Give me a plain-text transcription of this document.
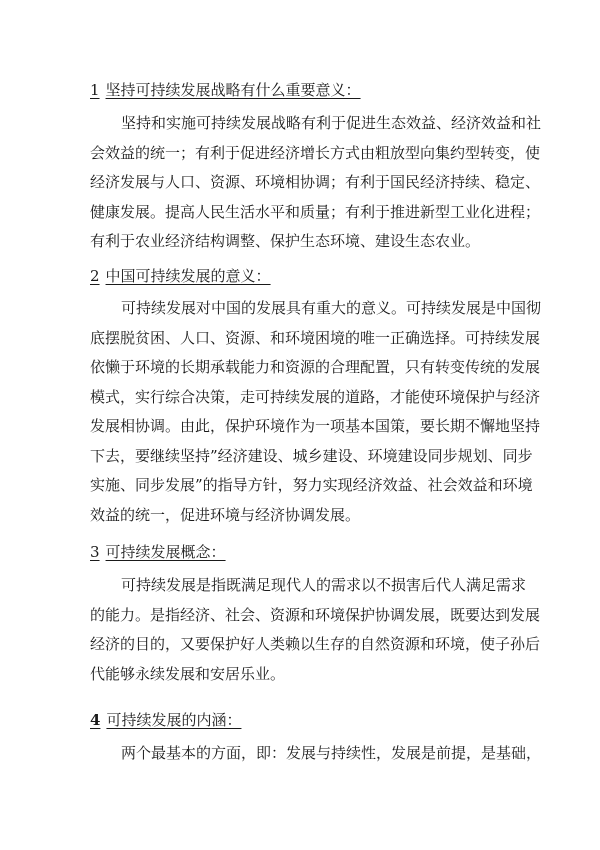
1 坚持可持续发展战略有什么重要意义：
坚持和实施可持续发展战略有利于促进生态效益、经济效益和社
会效益的统一；有利于促进经济增长方式由粗放型向集约型转变，使
经济发展与人口、资源、环境相协调；有利于国民经济持续、稳定、
健康发展。提高人民生活水平和质量；有利于推进新型工业化进程；
有利于农业经济结构调整、保护生态环境、建设生态农业。
2 中国可持续发展的意义：
可持续发展对中国的发展具有重大的意义。可持续发展是中国彻
底摆脱贫困、人口、资源、和环境困境的唯一正确选择。可持续发展
依懒于环境的长期承载能力和资源的合理配置，只有转变传统的发展
模式，实行综合决策，走可持续发展的道路，才能使环境保护与经济
发展相协调。由此，保护环境作为一项基本国策，要长期不懈地坚持
下去，要继续坚持”经济建设、城乡建设、环境建设同步规划、同步
实施、同步发展”的指导方针，努力实现经济效益、社会效益和环境
效益的统一，促进环境与经济协调发展。
3 可持续发展概念：
可持续发展是指既满足现代人的需求以不损害后代人满足需求
的能力。是指经济、社会、资源和环境保护协调发展，既要达到发展
经济的目的，又要保护好人类赖以生存的自然资源和环境，使子孙后
代能够永续发展和安居乐业。
4 可持续发展的内涵：
两个最基本的方面，即：发展与持续性，发展是前提，是基础，
